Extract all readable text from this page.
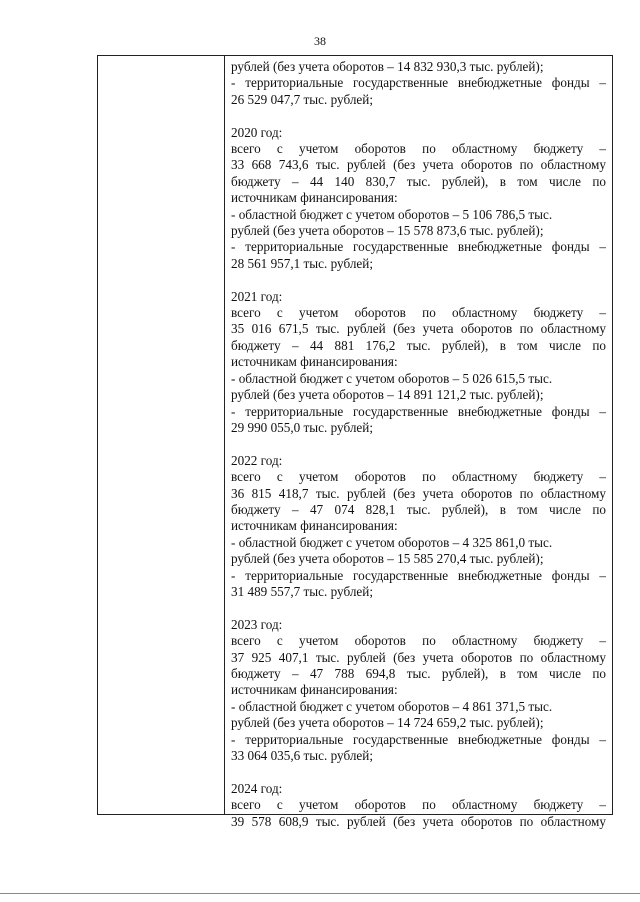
38
рублей (без учета оборотов – 14 832 930,3 тыс. рублей);
- территориальные государственные внебюджетные фонды –
26 529 047,7 тыс. рублей;
2020 год:
всего с учетом оборотов по областному бюджету –
33 668 743,6 тыс. рублей (без учета оборотов по областному
бюджету – 44 140 830,7 тыс. рублей), в том числе по
источникам финансирования:
- областной бюджет с учетом оборотов – 5 106 786,5 тыс.
рублей (без учета оборотов – 15 578 873,6 тыс. рублей);
- территориальные государственные внебюджетные фонды –
28 561 957,1 тыс. рублей;
2021 год:
всего с учетом оборотов по областному бюджету –
35 016 671,5 тыс. рублей (без учета оборотов по областному
бюджету – 44 881 176,2 тыс. рублей), в том числе по
источникам финансирования:
- областной бюджет с учетом оборотов – 5 026 615,5 тыс.
рублей (без учета оборотов – 14 891 121,2 тыс. рублей);
- территориальные государственные внебюджетные фонды –
29 990 055,0 тыс. рублей;
2022 год:
всего с учетом оборотов по областному бюджету –
36 815 418,7 тыс. рублей (без учета оборотов по областному
бюджету – 47 074 828,1 тыс. рублей), в том числе по
источникам финансирования:
- областной бюджет с учетом оборотов – 4 325 861,0 тыс.
рублей (без учета оборотов – 15 585 270,4 тыс. рублей);
- территориальные государственные внебюджетные фонды –
31 489 557,7 тыс. рублей;
2023 год:
всего с учетом оборотов по областному бюджету –
37 925 407,1 тыс. рублей (без учета оборотов по областному
бюджету – 47 788 694,8 тыс. рублей), в том числе по
источникам финансирования:
- областной бюджет с учетом оборотов – 4 861 371,5 тыс.
рублей (без учета оборотов – 14 724 659,2 тыс. рублей);
- территориальные государственные внебюджетные фонды –
33 064 035,6 тыс. рублей;
2024 год:
всего с учетом оборотов по областному бюджету –
39 578 608,9 тыс. рублей (без учета оборотов по областному
